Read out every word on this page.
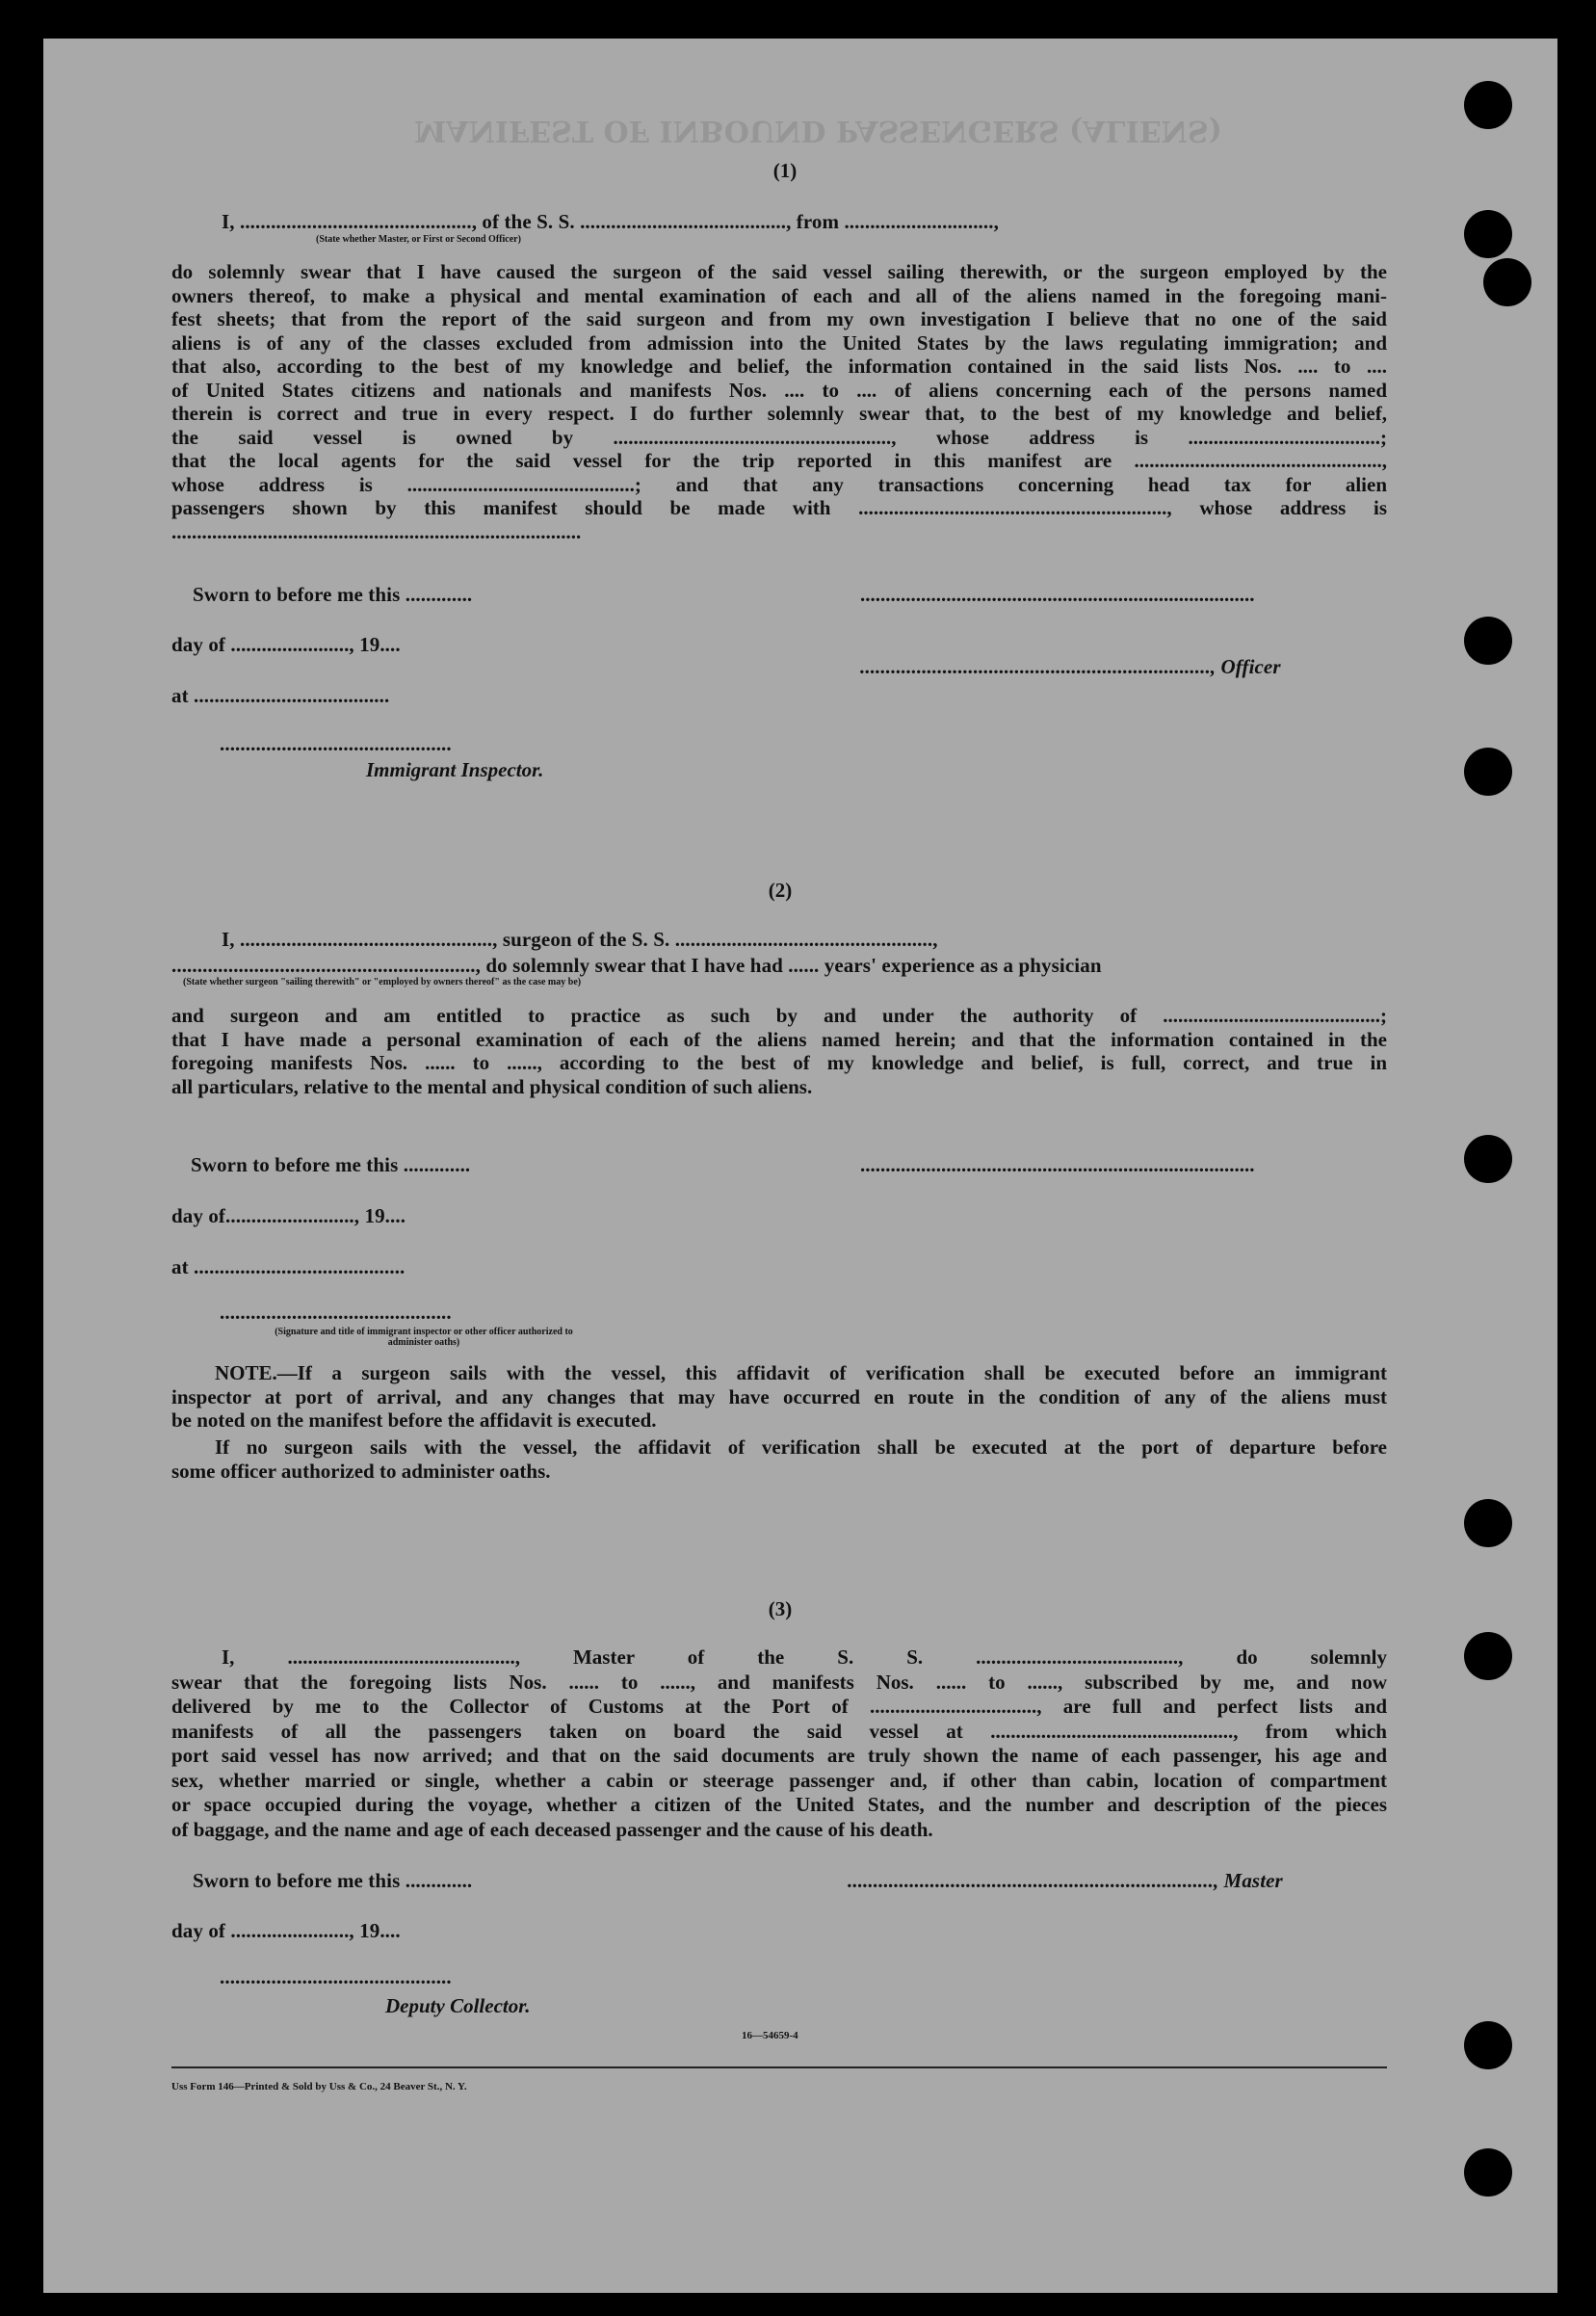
MANIFEST OF INBOUND PASSENGERS (ALIENS)
(1)
I, ............................................., of the S. S. ........................................, from .............................,
(State whether Master, or First or Second Officer)
do solemnly swear that I have caused the surgeon of the said vessel sailing therewith, or the surgeon employed by the
owners thereof, to make a physical and mental examination of each and all of the aliens named in the foregoing mani-
fest sheets; that from the report of the said surgeon and from my own investigation I believe that no one of the said
aliens is of any of the classes excluded from admission into the United States by the laws regulating immigration; and
that also, according to the best of my knowledge and belief, the information contained in the said lists Nos. .... to ....
of United States citizens and nationals and manifests Nos. .... to .... of aliens concerning each of the persons named
therein is correct and true in every respect. I do further solemnly swear that, to the best of my knowledge and belief,
the said vessel is owned by ......................................................., whose address is ......................................;
that the local agents for the said vessel for the trip reported in this manifest are .................................................,
whose address is .............................................; and that any transactions concerning head tax for alien
passengers shown by this manifest should be made with ............................................................., whose address is
.................................................................................
Sworn to before me this .............
day of ......................., 19....
at ......................................
.............................................
Immigrant Inspector.
..............................................................................
...................................................................., Officer
(2)
I, ................................................., surgeon of the S. S. ..................................................,
..........................................................., do solemnly swear that I have had ...... years' experience as a physician
(State whether surgeon "sailing therewith" or "employed by owners thereof" as the case may be)
and surgeon and am entitled to practice as such by and under the authority of ...........................................;
that I have made a personal examination of each of the aliens named herein; and that the information contained in the
foregoing manifests Nos. ...... to ......, according to the best of my knowledge and belief, is full, correct, and true in
all particulars, relative to the mental and physical condition of such aliens.
Sworn to before me this .............
day of........................., 19....
at .........................................
.............................................
(Signature and title of immigrant inspector or other officer authorized to administer oaths)
..............................................................................
NOTE.—If a surgeon sails with the vessel, this affidavit of verification shall be executed before an immigrant
inspector at port of arrival, and any changes that may have occurred en route in the condition of any of the aliens must
be noted on the manifest before the affidavit is executed.
If no surgeon sails with the vessel, the affidavit of verification shall be executed at the port of departure before
some officer authorized to administer oaths.
(3)
I, ............................................., Master of the S. S. ........................................, do solemnly
swear that the foregoing lists Nos. ...... to ......, and manifests Nos. ...... to ......, subscribed by me, and now
delivered by me to the Collector of Customs at the Port of ................................., are full and perfect lists and
manifests of all the passengers taken on board the said vessel at ................................................, from which
port said vessel has now arrived; and that on the said documents are truly shown the name of each passenger, his age and
sex, whether married or single, whether a cabin or steerage passenger and, if other than cabin, location of compartment
or space occupied during the voyage, whether a citizen of the United States, and the number and description of the pieces
of baggage, and the name and age of each deceased passenger and the cause of his death.
Sworn to before me this .............
day of ......................., 19....
.............................................
Deputy Collector.
......................................................................., Master
16—54659-4
Uss Form 146—Printed & Sold by Uss & Co., 24 Beaver St., N. Y.
